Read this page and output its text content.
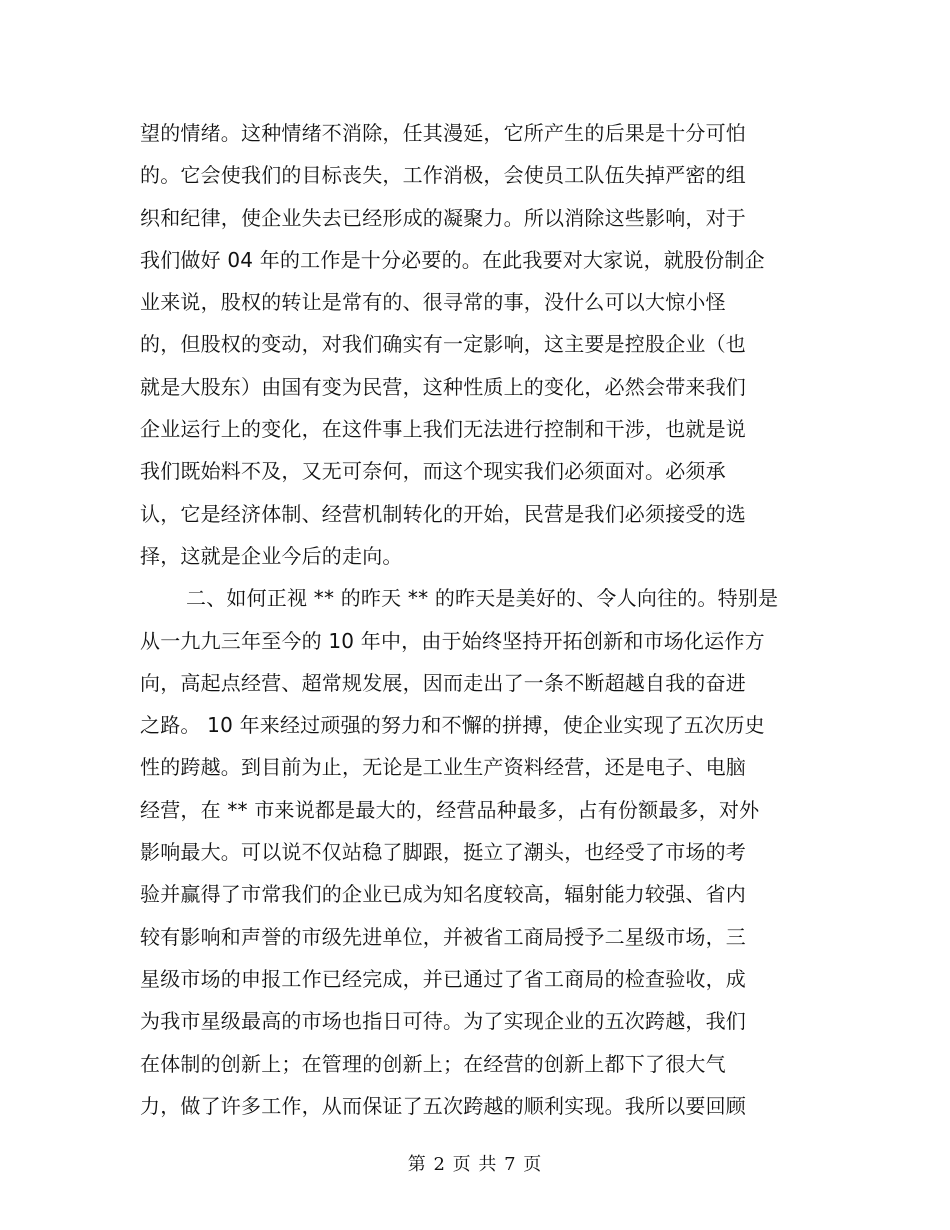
望的情绪。这种情绪不消除，任其漫延，它所产生的后果是十分可怕
的。它会使我们的目标丧失，工作消极，会使员工队伍失掉严密的组
织和纪律，使企业失去已经形成的凝聚力。所以消除这些影响，对于
我们做好 04 年的工作是十分必要的。在此我要对大家说，就股份制企
业来说，股权的转让是常有的、很寻常的事，没什么可以大惊小怪
的，但股权的变动，对我们确实有一定影响，这主要是控股企业（也
就是大股东）由国有变为民营，这种性质上的变化，必然会带来我们
企业运行上的变化，在这件事上我们无法进行控制和干涉，也就是说
我们既始料不及，又无可奈何，而这个现实我们必须面对。必须承
认，它是经济体制、经营机制转化的开始，民营是我们必须接受的选
择，这就是企业今后的走向。
二、如何正视 ** 的昨天 ** 的昨天是美好的、令人向往的。特别是
从一九九三年至今的 10 年中，由于始终坚持开拓创新和市场化运作方
向，高起点经营、超常规发展，因而走出了一条不断超越自我的奋进
之路。 10 年来经过顽强的努力和不懈的拼搏，使企业实现了五次历史
性的跨越。到目前为止，无论是工业生产资料经营，还是电子、电脑
经营，在 ** 市来说都是最大的，经营品种最多，占有份额最多，对外
影响最大。可以说不仅站稳了脚跟，挺立了潮头，也经受了市场的考
验并赢得了市常我们的企业已成为知名度较高，辐射能力较强、省内
较有影响和声誉的市级先进单位，并被省工商局授予二星级市场，三
星级市场的申报工作已经完成，并已通过了省工商局的检查验收，成
为我市星级最高的市场也指日可待。为了实现企业的五次跨越，我们
在体制的创新上；在管理的创新上；在经营的创新上都下了很大气
力，做了许多工作，从而保证了五次跨越的顺利实现。我所以要回顾
第 2 页 共 7 页
